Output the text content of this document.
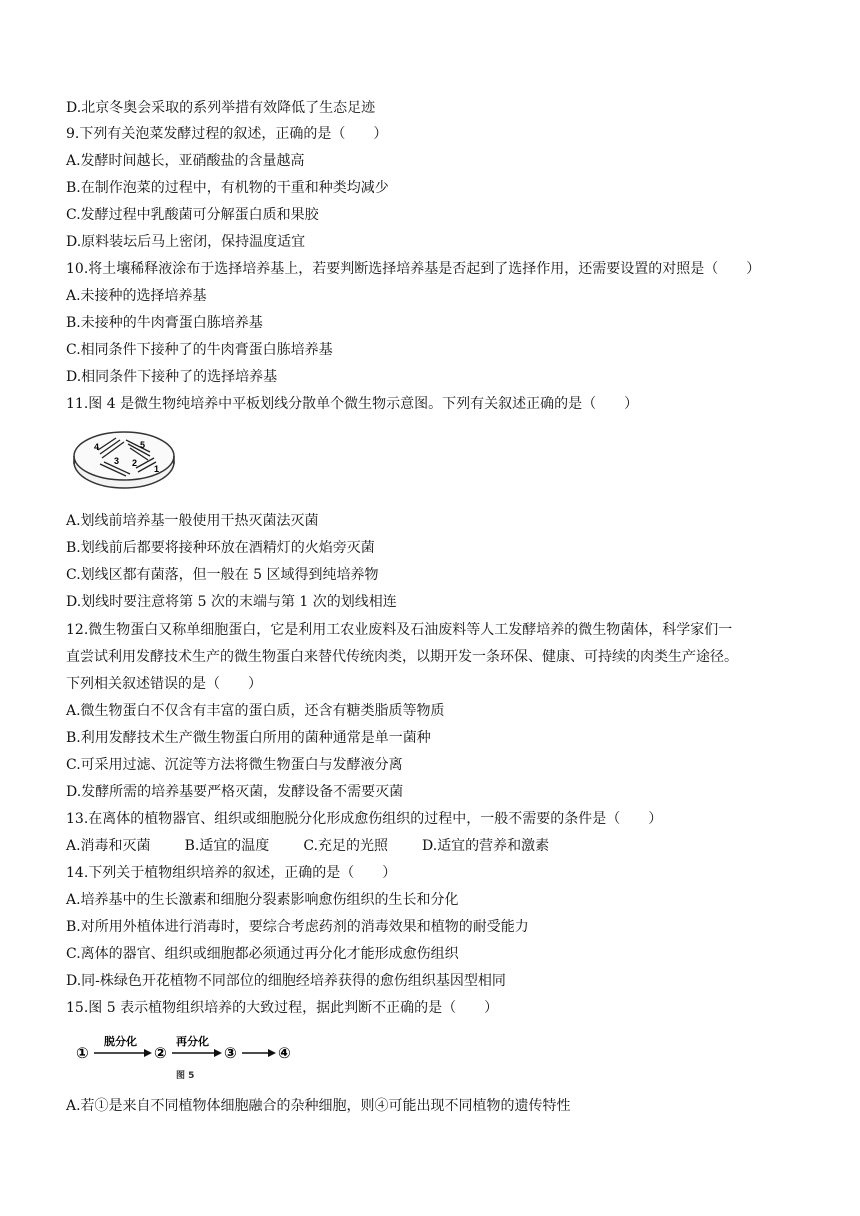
D.北京冬奥会采取的系列举措有效降低了生态足迹
9.下列有关泡菜发酵过程的叙述，正确的是（　　）
A.发酵时间越长，亚硝酸盐的含量越高
B.在制作泡菜的过程中，有机物的干重和种类均减少
C.发酵过程中乳酸菌可分解蛋白质和果胶
D.原料装坛后马上密闭，保持温度适宜
10.将土壤稀释液涂布于选择培养基上，若要判断选择培养基是否起到了选择作用，还需要设置的对照是（　　）
A.未接种的选择培养基
B.未接种的牛肉膏蛋白胨培养基
C.相同条件下接种了的牛肉膏蛋白胨培养基
D.相同条件下接种了的选择培养基
11.图 4 是微生物纯培养中平板划线分散单个微生物示意图。下列有关叙述正确的是（　　）
4	5
3 2
1
A.划线前培养基一般使用干热灭菌法灭菌
B.划线前后都要将接种环放在酒精灯的火焰旁灭菌
C.划线区都有菌落，但一般在 5 区域得到纯培养物
D.划线时要注意将第 5 次的末端与第 1 次的划线相连
12.微生物蛋白又称单细胞蛋白，它是利用工农业废料及石油废料等人工发酵培养的微生物菌体，科学家们一
直尝试利用发酵技术生产的微生物蛋白来替代传统肉类，以期开发一条环保、健康、可持续的肉类生产途径。
下列相关叙述错误的是（　　）
A.微生物蛋白不仅含有丰富的蛋白质，还含有糖类脂质等物质
B.利用发酵技术生产微生物蛋白所用的菌种通常是单一菌种
C.可采用过滤、沉淀等方法将微生物蛋白与发酵液分离
D.发酵所需的培养基要严格灭菌，发酵设备不需要灭菌
13.在离体的植物器官、组织或细胞脱分化形成愈伤组织的过程中，一般不需要的条件是（　　）
A.消毒和灭菌 B.适宜的温度 C.充足的光照 D.适宜的营养和激素
14.下列关于植物组织培养的叙述，正确的是（　　）
A.培养基中的生长激素和细胞分裂素影响愈伤组织的生长和分化
B.对所用外植体进行消毒时，要综合考虑药剂的消毒效果和植物的耐受能力
C.离体的器官、组织或细胞都必须通过再分化才能形成愈伤组织
D.同-株绿色开花植物不同部位的细胞经培养获得的愈伤组织基因型相同
15.图 5 表示植物组织培养的大致过程，据此判断不正确的是（　　）
①
脱分化
②
再分化
③	④
图 5
A.若①是来自不同植物体细胞融合的杂种细胞，则④可能出现不同植物的遗传特性
